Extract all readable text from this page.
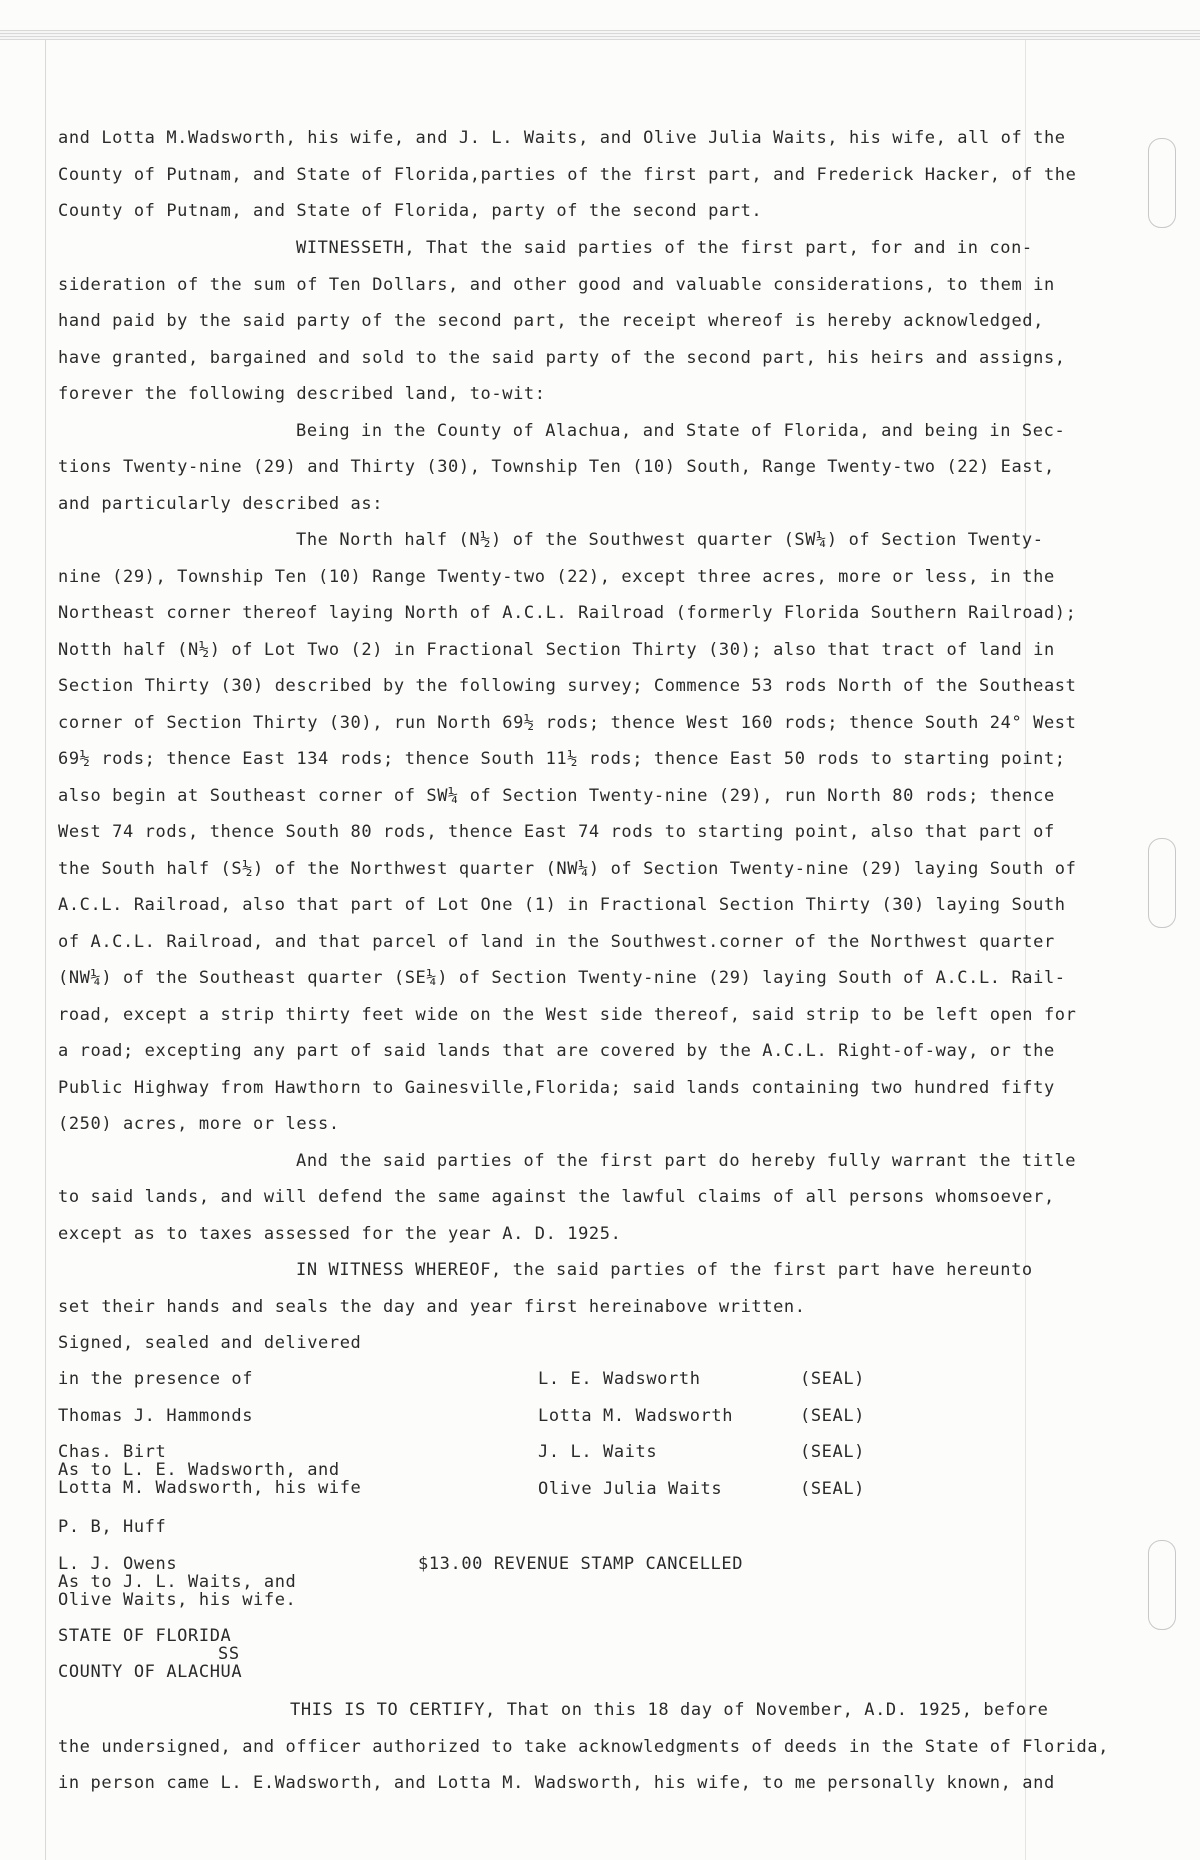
and Lotta M.Wadsworth, his wife, and J. L. Waits, and Olive Julia Waits, his wife, all of the
County of Putnam, and State of Florida,parties of the first part, and Frederick Hacker, of the
County of Putnam, and State of Florida, party of the second part.
WITNESSETH, That the said parties of the first part, for and in con-
sideration of the sum of Ten Dollars, and other good and valuable considerations, to them in
hand paid by the said party of the second part, the receipt whereof is hereby acknowledged,
have granted, bargained and sold to the said party of the second part, his heirs and assigns,
forever the following described land, to-wit:
Being in the County of Alachua, and State of Florida, and being in Sec-
tions Twenty-nine (29) and Thirty (30), Township Ten (10) South, Range Twenty-two (22) East,
and particularly described as:
The North half (N½) of the Southwest quarter (SW¼) of Section Twenty-
nine (29), Township Ten (10) Range Twenty-two (22), except three acres, more or less, in the
Northeast corner thereof laying North of A.C.L. Railroad (formerly Florida Southern Railroad);
Notth half (N½) of Lot Two (2) in Fractional Section Thirty (30); also that tract of land in
Section Thirty (30) described by the following survey; Commence 53 rods North of the Southeast
corner of Section Thirty (30), run North 69½ rods; thence West 160 rods; thence South 24° West
69½ rods; thence East 134 rods; thence South 11½ rods; thence East 50 rods to starting point;
also begin at Southeast corner of SW¼ of Section Twenty-nine (29), run North 80 rods; thence
West 74 rods, thence South 80 rods, thence East 74 rods to starting point, also that part of
the South half (S½) of the Northwest quarter (NW¼) of Section Twenty-nine (29) laying South of
A.C.L. Railroad, also that part of Lot One (1) in Fractional Section Thirty (30) laying South
of A.C.L. Railroad, and that parcel of land in the Southwest.corner of the Northwest quarter
(NW¼) of the Southeast quarter (SE¼) of Section Twenty-nine (29) laying South of A.C.L. Rail-
road, except a strip thirty feet wide on the West side thereof, said strip to be left open for
a road; excepting any part of said lands that are covered by the A.C.L. Right-of-way, or the
Public Highway from Hawthorn to Gainesville,Florida; said lands containing two hundred fifty
(250) acres, more or less.
And the said parties of the first part do hereby fully warrant the title
to said lands, and will defend the same against the lawful claims of all persons whomsoever,
except as to taxes assessed for the year A. D. 1925.
IN WITNESS WHEREOF, the said parties of the first part have hereunto
set their hands and seals the day and year first hereinabove written.
Signed, sealed and delivered
in the presence of
Thomas J. Hammonds
Chas. Birt
As to L. E. Wadsworth, and
Lotta M. Wadsworth, his wife
P. B, Huff
L. J. Owens
As to J. L. Waits, and
Olive Waits, his wife.
L. E. Wadsworth
Lotta M. Wadsworth
J. L. Waits
Olive Julia Waits
(SEAL)
(SEAL)
(SEAL)
(SEAL)
$13.00 REVENUE STAMP CANCELLED
STATE OF FLORIDA
SS
COUNTY OF ALACHUA
THIS IS TO CERTIFY, That on this 18 day of November, A.D. 1925, before
the undersigned, and officer authorized to take acknowledgments of deeds in the State of Florida,
in person came L. E.Wadsworth, and Lotta M. Wadsworth, his wife, to me personally known, and
